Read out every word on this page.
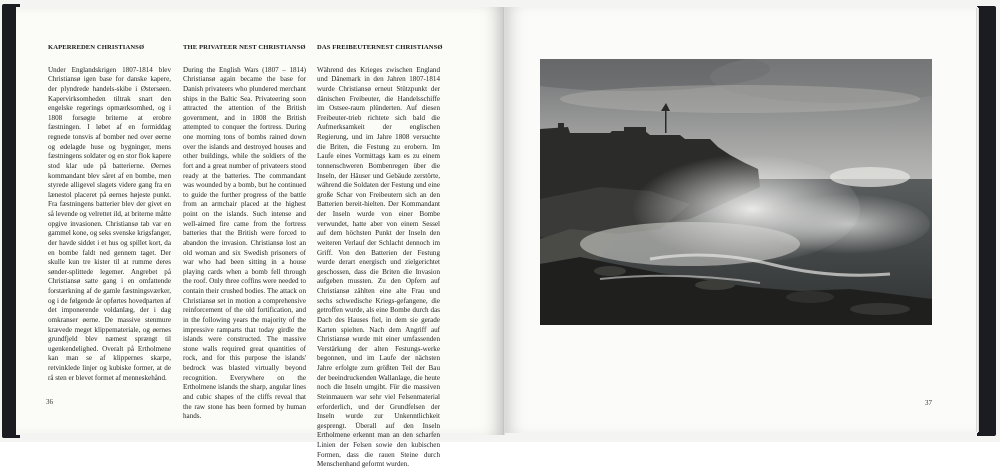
KAPERREDEN CHRISTIANSØ

Under Englandskrigen 1807-1814 blev Christiansø igen base for danske kapere, der plyndrede handels-skibe i Østersøen. Kapervirksomheden tiltrak snart den engelske regerings opmærksomhed, og i 1808 forsøgte briterne at erobre fæstningen. I løbet af en formiddag regnede tonsvis af bomber ned over øerne og ødelagde huse og bygninger, mens fæstningens soldater og en stor flok kapere stod klar ude på batterierne. Øernes kommandant blev såret af en bombe, men styrede alligevel slagets videre gang fra en lænestol placeret på øernes højeste punkt. Fra fæstningens batterier blev der givet en så levende og velrettet ild, at briterne måtte opgive invasionen. Christiansø tab var en gammel kone, og seks svenske krigsfanger, der havde siddet i et hus og spillet kort, da en bombe faldt ned gennem taget. Der skulle kun tre kister til at rumme deres sønder-splittede legemer. Angrebet på Christiansø satte gang i en omfattende forstærkning af de gamle fæstningsværker, og i de følgende år opførtes hovedparten af det imponerende voldanlæg, der i dag omkranser øerne. De massive stenmure krævede meget klippemateriale, og øernes grundfjeld blev næmest sprængt til ugenkendelighed. Overalt på Ertholmene kan man se af klippernes skarpe, retvinklede linjer og kubiske former, at de rå sten er blevet formet af menneskehånd.

THE PRIVATEER NEST CHRISTIANSØ

During the English Wars (1807 – 1814) Christiansø again became the base for Danish privateers who plundered merchant ships in the Baltic Sea. Privateering soon attracted the attention of the British government, and in 1808 the British attempted to conquer the fortress. During one morning tons of bombs rained down over the islands and destroyed houses and other buildings, while the soldiers of the fort and a great number of privateers stood ready at the batteries. The commandant was wounded by a bomb, but he continued to guide the further progress of the battle from an armchair placed at the highest point on the islands. Such intense and well-aimed fire came from the fortress batteries that the British were forced to abandon the invasion. Christiansø lost an old woman and six Swedish prisoners of war who had been sitting in a house playing cards when a bomb fell through the roof. Only three coffins were needed to contain their crushed bodies. The attack on Christiansø set in motion a comprehensive reinforcement of the old fortification, and in the following years the majority of the impressive ramparts that today girdle the islands were constructed. The massive stone walls required great quantities of rock, and for this purpose the islands' bedrock was blasted virtually beyond recognition. Everywhere on the Ertholmene islands the sharp, angular lines and cubic shapes of the cliffs reveal that the raw stone has been formed by human hands.

DAS FREIBEUTERNEST CHRISTIANSØ

Während des Krieges zwischen England und Dänemark in den Jahren 1807-1814 wurde Christiansø erneut Stützpunkt der dänischen Freibeuter, die Handelsschiffe im Ostsee-raum plünderten. Auf diesen Freibeuter-trieb richtete sich bald die Aufmerksamkeit der englischen Regierung, und im Jahre 1808 versuchte die Briten, die Festung zu erobern. Im Laufe eines Vormittags kam es zu einem tonnenschweren Bombenregen über die Inseln, der Häuser und Gebäude zerstörte, während die Soldaten der Festung und eine große Schar von Freibeutern sich an den Batterien bereit-hielten. Der Kommandant der Inseln wurde von einer Bombe verwundet, hatte aber von einem Sessel auf dem höchsten Punkt der Inseln den weiteren Verlauf der Schlacht dennoch im Griff. Von den Batterien der Festung wurde derart energisch und zielgerichtet geschossen, dass die Briten die Invasion aufgeben mussten. Zu den Opfern auf Christiansø zählten eine alte Frau und sechs schwedische Kriegs-gefangene, die getroffen wurde, als eine Bombe durch das Dach des Hauses fiel, in dem sie gerade Karten spielten. Nach dem Angriff auf Christiansø wurde mit einer umfassenden Verstärkung der alten Festungs-werke begonnen, und im Laufe der nächsten Jahre erfolgte zum größten Teil der Bau der beeindruckenden Wallanlage, die heute noch die Inseln umgibt. Für die massiven Steinmauern war sehr viel Felsenmaterial erforderlich, und der Grundfelsen der Inseln wurde zur Unkenntlichkeit gesprengt. Überall auf den Inseln Ertholmene erkennt man an den scharfen Linien der Felsen sowie den kubischen Formen, dass die rauen Steine durch Menschenhand geformt wurden.

36	37
